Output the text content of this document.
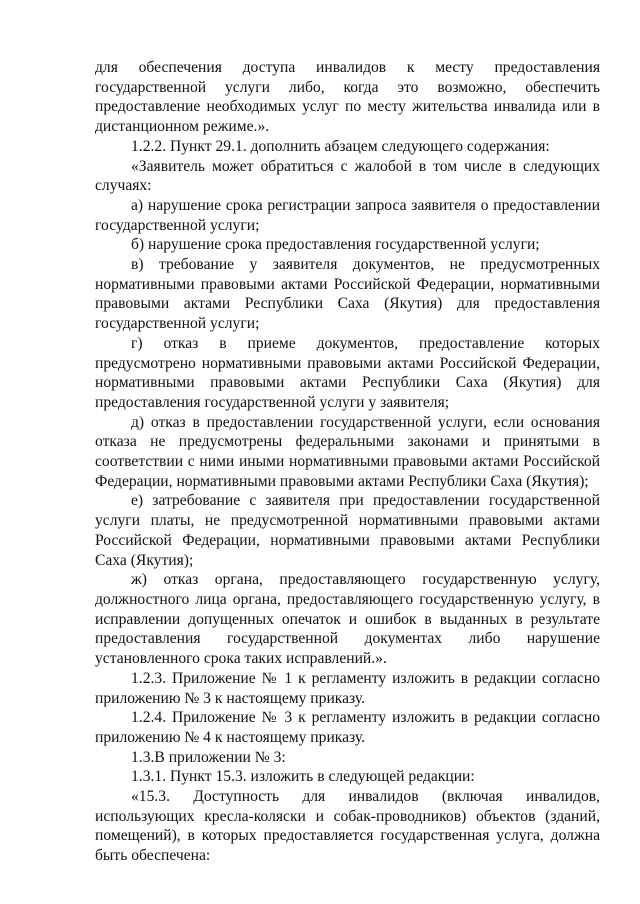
для обеспечения доступа инвалидов к месту предоставления государственной услуги либо, когда это возможно, обеспечить предоставление необходимых услуг по месту жительства инвалида или в дистанционном режиме.».

1.2.2. Пункт 29.1. дополнить абзацем следующего содержания:

«Заявитель может обратиться с жалобой в том числе в следующих случаях:

а) нарушение срока регистрации запроса заявителя о предоставлении государственной услуги;

б) нарушение срока предоставления государственной услуги;

в) требование у заявителя документов, не предусмотренных нормативными правовыми актами Российской Федерации, нормативными правовыми актами Республики Саха (Якутия) для предоставления государственной услуги;

г) отказ в приеме документов, предоставление которых предусмотрено нормативными правовыми актами Российской Федерации, нормативными правовыми актами Республики Саха (Якутия) для предоставления государственной услуги у заявителя;

д) отказ в предоставлении государственной услуги, если основания отказа не предусмотрены федеральными законами и принятыми в соответствии с ними иными нормативными правовыми актами Российской Федерации, нормативными правовыми актами Республики Саха (Якутия);

е) затребование с заявителя при предоставлении государственной услуги платы, не предусмотренной нормативными правовыми актами Российской Федерации, нормативными правовыми актами Республики Саха (Якутия);

ж) отказ органа, предоставляющего государственную услугу, должностного лица органа, предоставляющего государственную услугу, в исправлении допущенных опечаток и ошибок в выданных в результате предоставления государственной документах либо нарушение установленного срока таких исправлений.».

1.2.3. Приложение № 1 к регламенту изложить в редакции согласно приложению № 3 к настоящему приказу.

1.2.4. Приложение № 3 к регламенту изложить в редакции согласно приложению № 4 к настоящему приказу.

1.3.В приложении № 3:

1.3.1. Пункт 15.3. изложить в следующей редакции:

«15.3. Доступность для инвалидов (включая инвалидов, использующих кресла-коляски и собак-проводников) объектов (зданий, помещений), в которых предоставляется государственная услуга, должна быть обеспечена:
